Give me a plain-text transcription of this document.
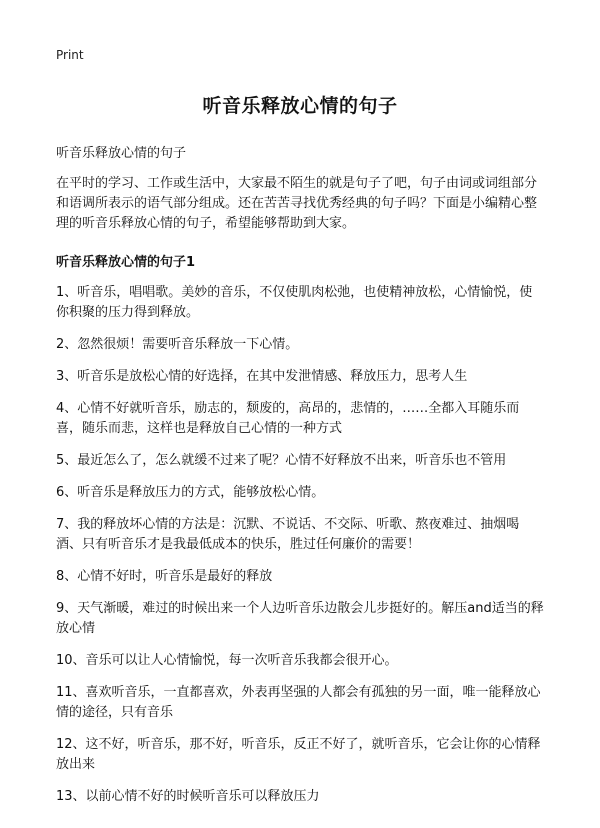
Print
听音乐释放心情的句子
听音乐释放心情的句子
在平时的学习、工作或生活中，大家最不陌生的就是句子了吧，句子由词或词组部分和语调所表示的语气部分组成。还在苦苦寻找优秀经典的句子吗？下面是小编精心整理的听音乐释放心情的句子，希望能够帮助到大家。
听音乐释放心情的句子1

1、听音乐，唱唱歌。美妙的音乐，不仅使肌肉松弛，也使精神放松，心情愉悦，使你积聚的压力得到释放。

2、忽然很烦！需要听音乐释放一下心情。

3、听音乐是放松心情的好选择，在其中发泄情感、释放压力，思考人生

4、心情不好就听音乐，励志的，颓废的，高昂的，悲情的，……全都入耳随乐而喜，随乐而悲，这样也是释放自己心情的一种方式

5、最近怎么了，怎么就缓不过来了呢？心情不好释放不出来，听音乐也不管用

6、听音乐是释放压力的方式，能够放松心情。

7、我的释放坏心情的方法是：沉默、不说话、不交际、听歌、熬夜难过、抽烟喝酒、只有听音乐才是我最低成本的快乐，胜过任何廉价的需要！

8、心情不好时，听音乐是最好的释放

9、天气渐暖，难过的时候出来一个人边听音乐边散会儿步挺好的。解压and适当的释放心情

10、音乐可以让人心情愉悦，每一次听音乐我都会很开心。

11、喜欢听音乐，一直都喜欢，外表再坚强的人都会有孤独的另一面，唯一能释放心情的途径，只有音乐

12、这不好，听音乐，那不好，听音乐，反正不好了，就听音乐，它会让你的心情释放出来

13、以前心情不好的时候听音乐可以释放压力
